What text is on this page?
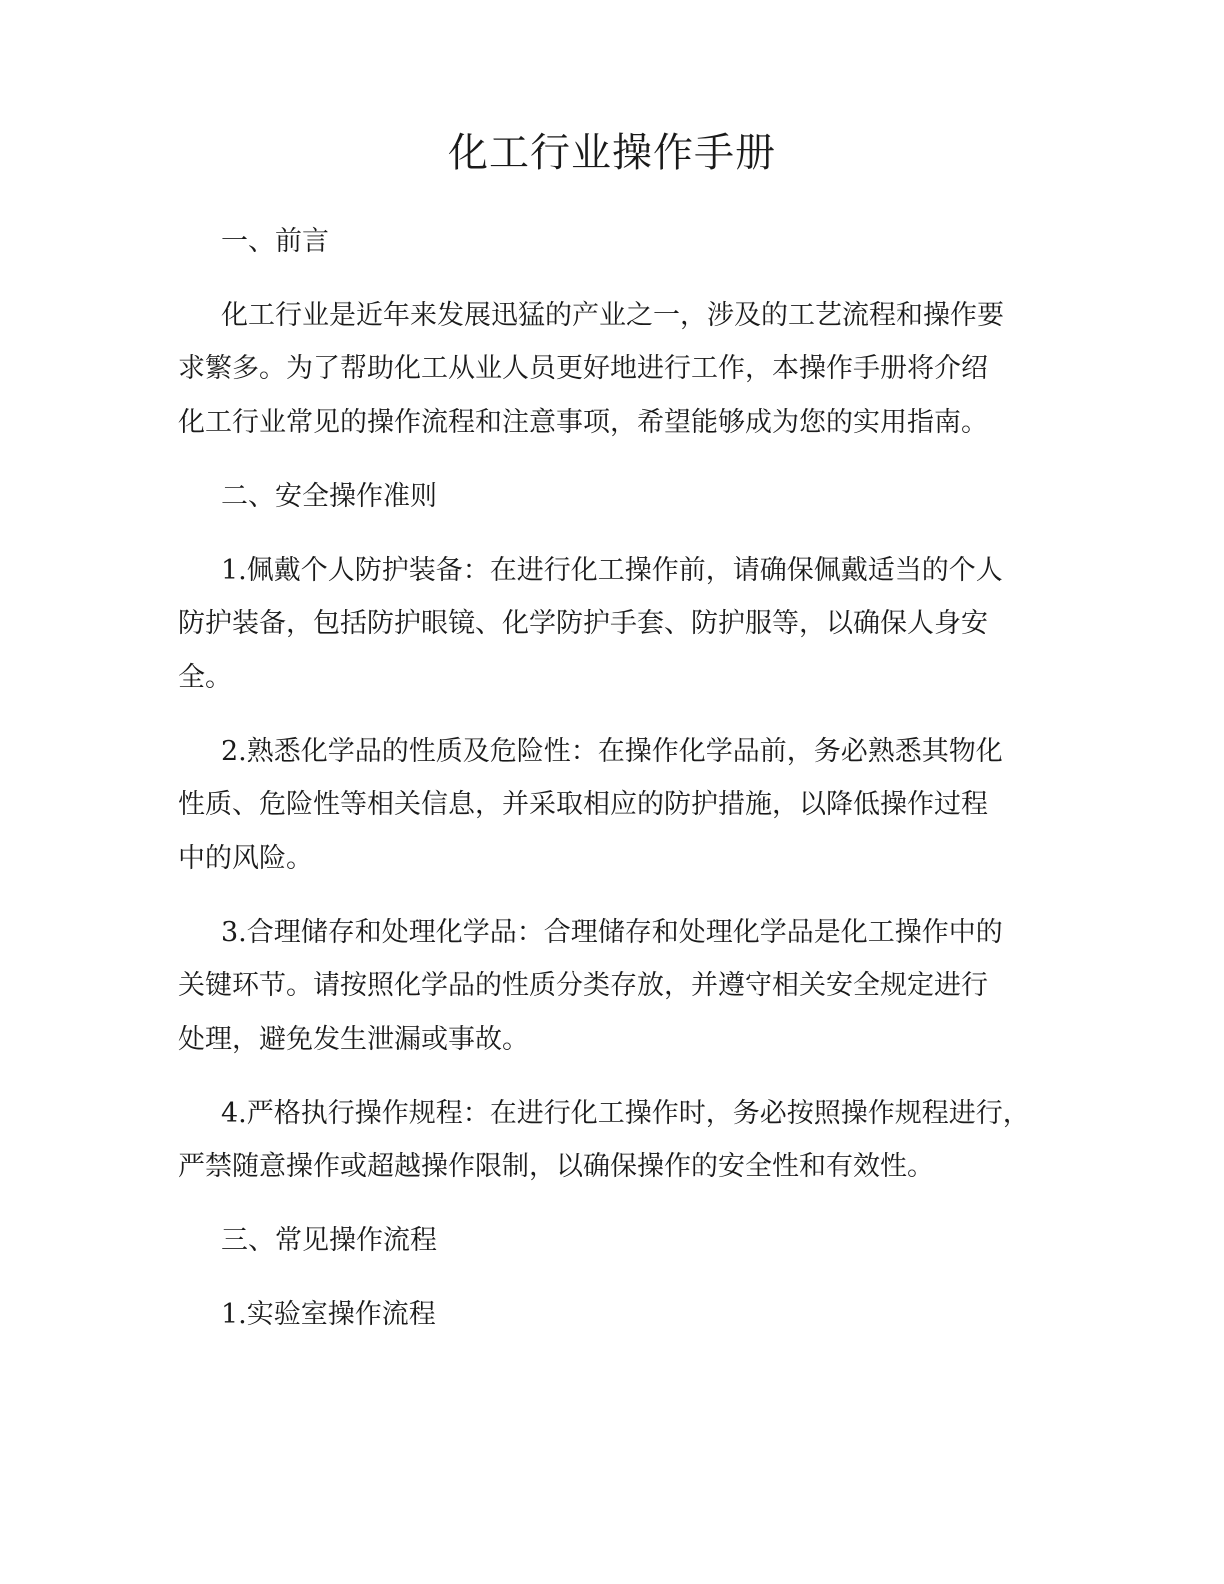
化工行业操作手册
一、前言
化工行业是近年来发展迅猛的产业之一，涉及的工艺流程和操作要
求繁多。为了帮助化工从业人员更好地进行工作，本操作手册将介绍
化工行业常见的操作流程和注意事项，希望能够成为您的实用指南。
二、安全操作准则
1.佩戴个人防护装备：在进行化工操作前，请确保佩戴适当的个人
防护装备，包括防护眼镜、化学防护手套、防护服等，以确保人身安
全。
2.熟悉化学品的性质及危险性：在操作化学品前，务必熟悉其物化
性质、危险性等相关信息，并采取相应的防护措施，以降低操作过程
中的风险。
3.合理储存和处理化学品：合理储存和处理化学品是化工操作中的
关键环节。请按照化学品的性质分类存放，并遵守相关安全规定进行
处理，避免发生泄漏或事故。
4.严格执行操作规程：在进行化工操作时，务必按照操作规程进行，
严禁随意操作或超越操作限制，以确保操作的安全性和有效性。
三、常见操作流程
1.实验室操作流程
